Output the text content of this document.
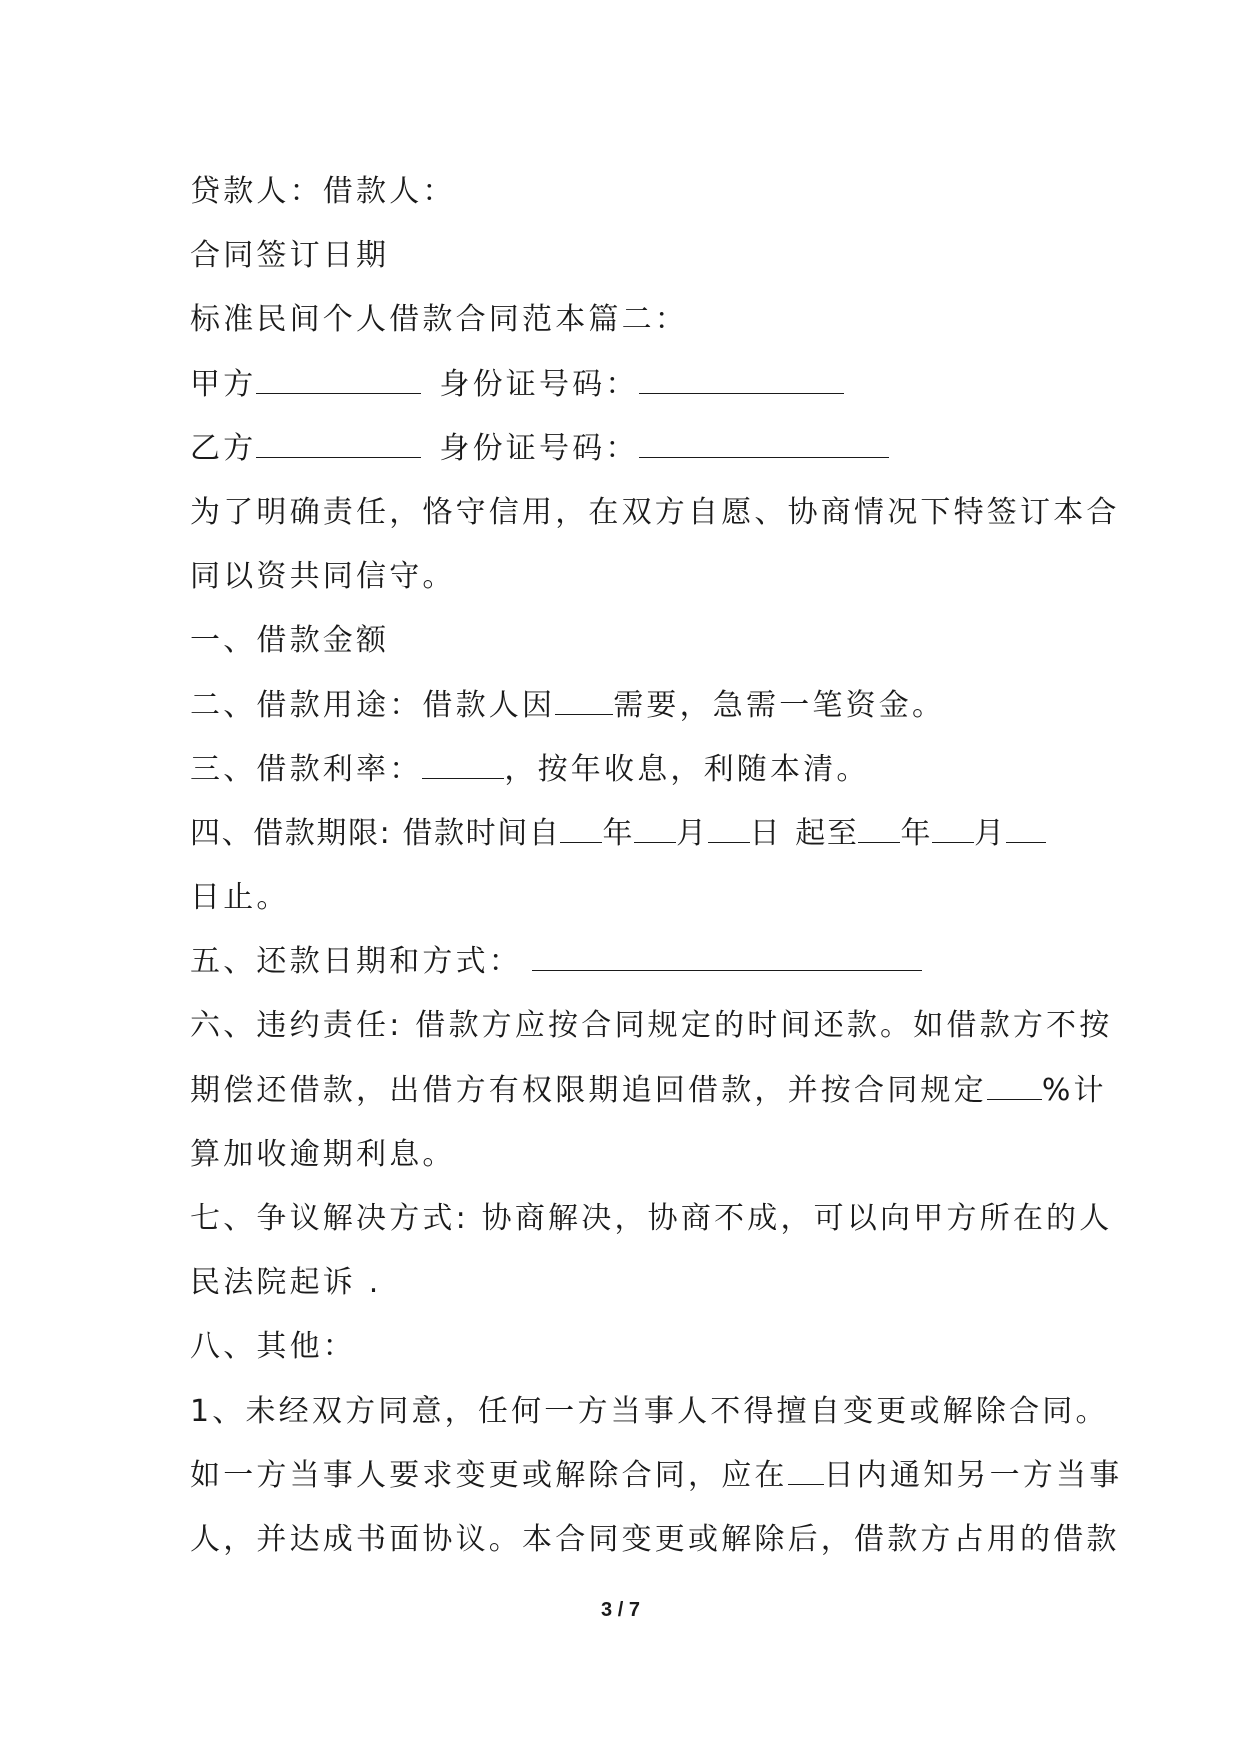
贷款人：借款人：
合同签订日期
标准民间个人借款合同范本篇二：
甲方	身份证号码：
乙方	身份证号码：
为了明确责任，恪守信用，在双方自愿、协商情况下特签订本合
同以资共同信守。
一、借款金额
二、借款用途：借款人因 需要，急需一笔资金。
三、借款利率：	，按年收息，利随本清。
四、借款期限: 借款时间自 年 月 日 起至 年 月
日止。
五、还款日期和方式：
六、违约责任: 借款方应按合同规定的时间还款。如借款方不按
期偿还借款，出借方有权限期追回借款，并按合同规定 %计
算加收逾期利息。
七、争议解决方式: 协商解决，协商不成，可以向甲方所在的人
民法院起诉 .
八、其他：
1、未经双方同意，任何一方当事人不得擅自变更或解除合同。
如一方当事人要求变更或解除合同，应在 日内通知另一方当事
人，并达成书面协议。本合同变更或解除后，借款方占用的借款
3 / 7
